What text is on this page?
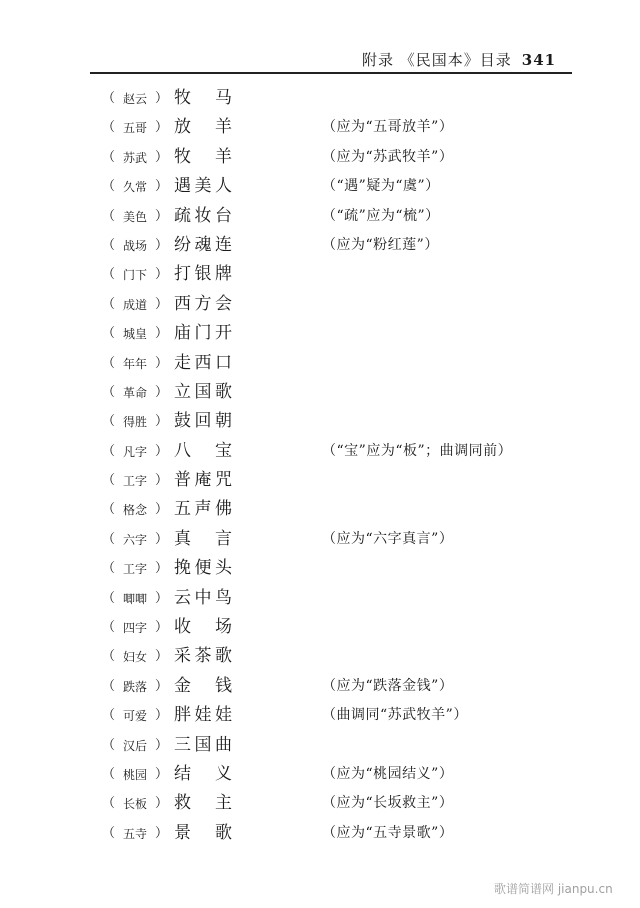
附录 《民国本》目录 341
（ 赵云 ） 牧 马
（ 五哥 ） 放 羊	（应为“五哥放羊”）
（ 苏武 ） 牧 羊	（应为“苏武牧羊”）
（ 久常 ） 遇美人	（“遇”疑为“虞”）
（ 美色 ） 疏妆台	（“疏”应为“梳”）
（ 战场 ） 纷魂连	（应为“粉红莲”）
（ 门下 ） 打银牌
（ 成道 ） 西方会
（ 城皇 ） 庙门开
（ 年年 ） 走西口
（ 革命 ） 立国歌
（ 得胜 ） 鼓回朝
（ 凡字 ） 八 宝	（“宝”应为“板”；曲调同前）
（ 工字 ） 普庵咒
（ 格念 ） 五声佛
（ 六字 ） 真 言	（应为“六字真言”）
（ 工字 ） 挽便头
（ 唧唧 ） 云中鸟
（ 四字 ） 收 场
（ 妇女 ） 采茶歌
（ 跌落 ） 金 钱	（应为“跌落金钱”）
（ 可爱 ） 胖娃娃	（曲调同“苏武牧羊”）
（ 汉后 ） 三国曲
（ 桃园 ） 结 义	（应为“桃园结义”）
（ 长板 ） 救 主	（应为“长坂救主”）
（ 五寺 ） 景 歌	（应为“五寺景歌”）
歌谱简谱网 jianpu.cn
